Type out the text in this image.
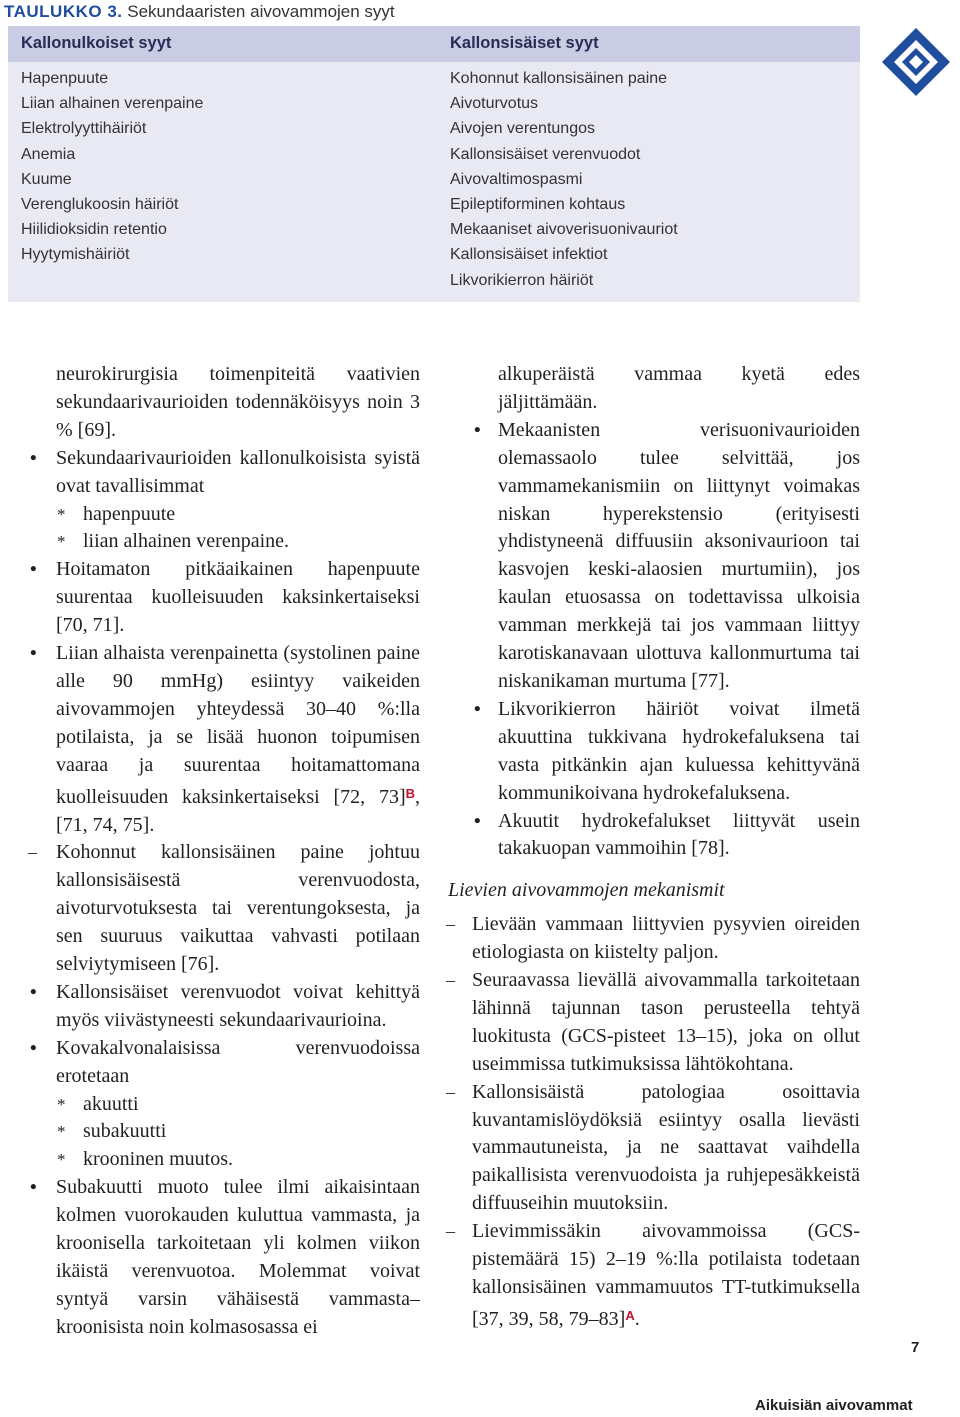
TAULUKKO 3. Sekundaaristen aivovammojen syyt
Kallonulkoiset syyt
Hapenpuute
Liian alhainen verenpaine
Elektrolyyttihäiriöt
Anemia
Kuume
Verenglukoosin häiriöt
Hiilidioksidin retentio
Hyytymishäiriöt
Kallonsisäiset syyt
Kohonnut kallonsisäinen paine
Aivoturvotus
Aivojen verentungos
Kallonsisäiset verenvuodot
Aivovaltimospasmi
Epileptiforminen kohtaus
Mekaaniset aivoverisuonivauriot
Kallonsisäiset infektiot
Likvorikierron häiriöt

neurokirurgisia toimenpiteitä vaativien sekundaarivaurioiden todennäköisyys noin 3 % [69].

• Sekundaarivaurioiden kallonulkoisista syistä ovat tavallisimmat

* hapenpuute

* liian alhainen verenpaine.

• Hoitamaton pitkäaikainen hapenpuute suurentaa kuolleisuuden kaksinkertaiseksi [70, 71].

• Liian alhaista verenpainetta (systolinen paine alle 90 mmHg) esiintyy vaikeiden aivovammojen yhteydessä 30–40 %:lla potilaista, ja se lisää huonon toipumisen vaaraa ja suurentaa hoitamattomana kuolleisuuden kaksinkertaiseksi [72, 73]$^B$, [71, 74, 75].

– Kohonnut kallonsisäinen paine johtuu kallonsisäisestä verenvuodosta, aivoturvotuksesta tai verentungoksesta, ja sen suuruus vaikuttaa vahvasti potilaan selviytymiseen [76].

• Kallonsisäiset verenvuodot voivat kehittyä myös viivästyneesti sekundaarivaurioina.

• Kovakalvonalaisissa verenvuodoissa erotetaan

* akuutti

* subakuutti

* krooninen muutos.

• Subakuutti muoto tulee ilmi aikaisintaan kolmen vuorokauden kuluttua vammasta, ja kroonisella tarkoitetaan yli kolmen viikon ikäistä verenvuotoa. Molemmat voivat syntyä varsin vähäisestä vammasta–kroonisista noin kolmasosassa ei

alkuperäistä vammaa kyetä edes jäljittämään.

• Mekaanisten verisuonivaurioiden olemassaolo tulee selvittää, jos vammamekanismiin on liittynyt voimakas niskan hyperekstensio (erityisesti yhdistyneenä diffuusiin aksonivaurioon tai kasvojen keski-alaosien murtumiin), jos kaulan etuosassa on todettavissa ulkoisia vamman merkkejä tai jos vammaan liittyy karotiskanavaan ulottuva kallonmurtuma tai niskanikaman murtuma [77].

• Likvorikierron häiriöt voivat ilmetä akuuttina tukkivana hydrokefaluksena tai vasta pitkänkin ajan kuluessa kehittyvänä kommunikoivana hydrokefaluksena.

• Akuutit hydrokefalukset liittyvät usein takakuopan vammoihin [78].

Lievien aivovammojen mekanismit

– Lievään vammaan liittyvien pysyvien oireiden etiologiasta on kiistelty paljon.

– Seuraavassa lievällä aivovammalla tarkoitetaan lähinnä tajunnan tason perusteella tehtyä luokitusta (GCS-pisteet 13–15), joka on ollut useimmissa tutkimuksissa lähtökohtana.

– Kallonsisäistä patologiaa osoittavia kuvantamislöydöksiä esiintyy osalla lievästi vammautuneista, ja ne saattavat vaihdella paikallisista verenvuodoista ja ruhjepesäkkeistä diffuuseihin muutoksiin.

– Lievimmissäkin aivovammoissa (GCS-pistemäärä 15) 2–19 %:lla potilaista todetaan kallonsisäinen vammamuutos TT-tutkimuksella [37, 39, 58, 79–83]$^A$.

7
Aikuisiän aivovammat
